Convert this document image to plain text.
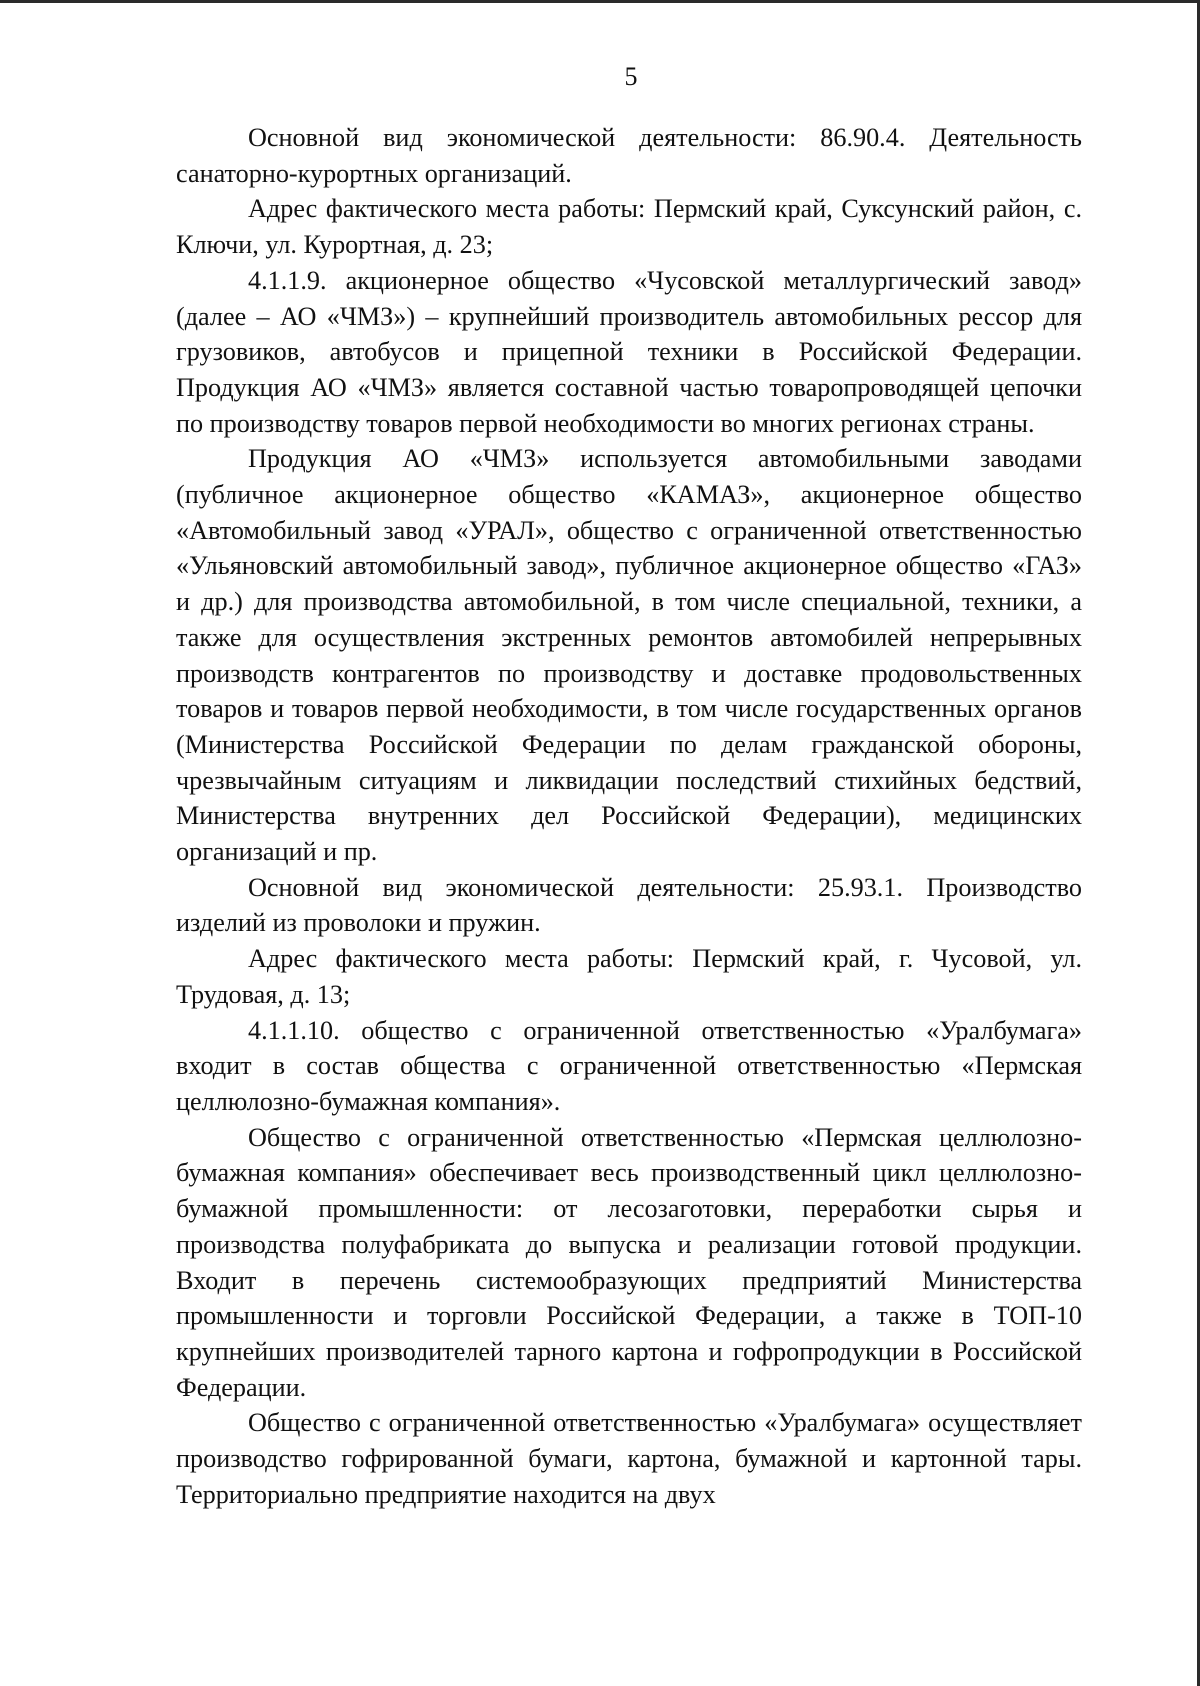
5

Основной вид экономической деятельности: 86.90.4. Деятельность санаторно-курортных организаций.

Адрес фактического места работы: Пермский край, Суксунский район, с. Ключи, ул. Курортная, д. 23;

4.1.1.9. акционерное общество «Чусовской металлургический завод» (далее – АО «ЧМЗ») – крупнейший производитель автомобильных рессор для грузовиков, автобусов и прицепной техники в Российской Федерации. Продукция АО «ЧМЗ» является составной частью товаропроводящей цепочки по производству товаров первой необходимости во многих регионах страны.

Продукция АО «ЧМЗ» используется автомобильными заводами (публичное акционерное общество «КАМАЗ», акционерное общество «Автомобильный завод «УРАЛ», общество с ограниченной ответственностью «Ульяновский автомобильный завод», публичное акционерное общество «ГАЗ» и др.) для производства автомобильной, в том числе специальной, техники, а также для осуществления экстренных ремонтов автомобилей непрерывных производств контрагентов по производству и доставке продовольственных товаров и товаров первой необходимости, в том числе государственных органов (Министерства Российской Федерации по делам гражданской обороны, чрезвычайным ситуациям и ликвидации последствий стихийных бедствий, Министерства внутренних дел Российской Федерации), медицинских организаций и пр.

Основной вид экономической деятельности: 25.93.1. Производство изделий из проволоки и пружин.

Адрес фактического места работы: Пермский край, г. Чусовой, ул. Трудовая, д. 13;

4.1.1.10. общество с ограниченной ответственностью «Уралбумага» входит в состав общества с ограниченной ответственностью «Пермская целлюлозно-бумажная компания».

Общество с ограниченной ответственностью «Пермская целлюлозно-бумажная компания» обеспечивает весь производственный цикл целлюлозно-бумажной промышленности: от лесозаготовки, переработки сырья и производства полуфабриката до выпуска и реализации готовой продукции. Входит в перечень системообразующих предприятий Министерства промышленности и торговли Российской Федерации, а также в ТОП-10 крупнейших производителей тарного картона и гофропродукции в Российской Федерации.

Общество с ограниченной ответственностью «Уралбумага» осуществляет производство гофрированной бумаги, картона, бумажной и картонной тары. Территориально предприятие находится на двух
